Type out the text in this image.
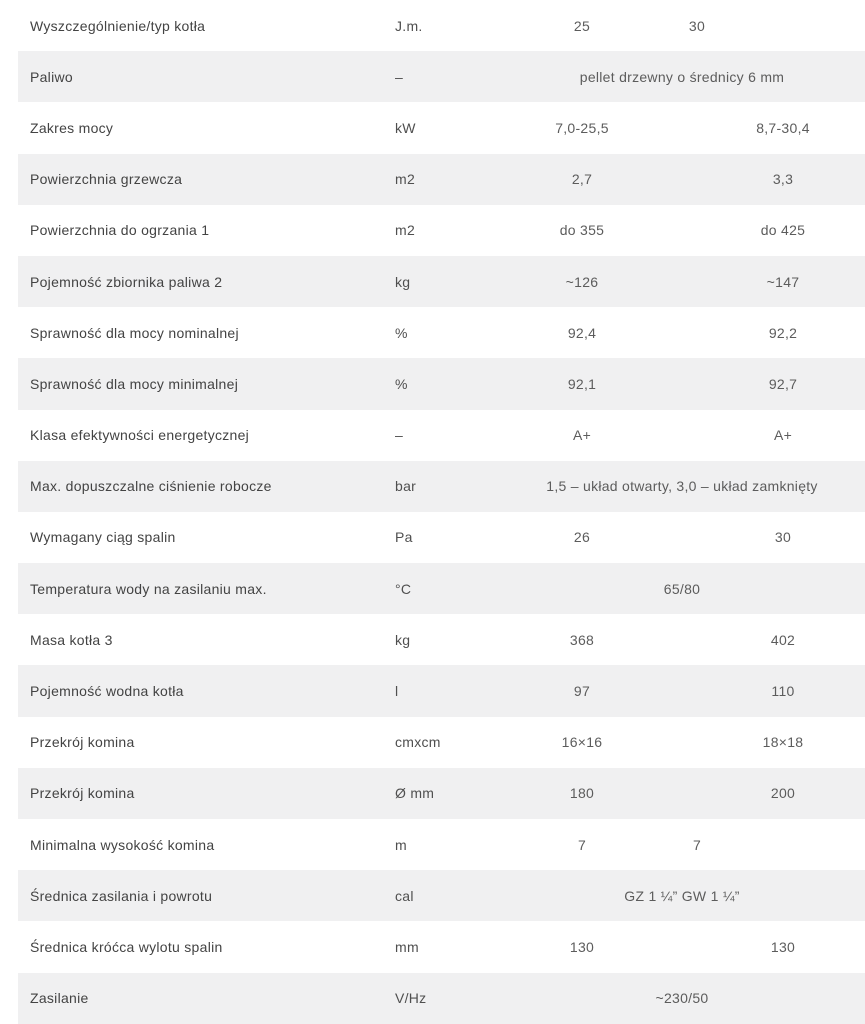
Wyszczególnienie/typ kotła	J.m.	25	30
Paliwo	–	pellet drzewny o średnicy 6 mm
Zakres mocy	kW	7,0-25,5	8,7-30,4
Powierzchnia grzewcza	m2	2,7	3,3
Powierzchnia do ogrzania 1	m2	do 355	do 425
Pojemność zbiornika paliwa 2	kg	~126	~147
Sprawność dla mocy nominalnej	%	92,4	92,2
Sprawność dla mocy minimalnej	%	92,1	92,7
Klasa efektywności energetycznej	–	A+	A+
Max. dopuszczalne ciśnienie robocze	bar	1,5 – układ otwarty, 3,0 – układ zamknięty
Wymagany ciąg spalin	Pa	26	30
Temperatura wody na zasilaniu max.	°C	65/80
Masa kotła 3	kg	368	402
Pojemność wodna kotła	l	97	110
Przekrój komina	cmxcm	16×16	18×18
Przekrój komina	Ø mm	180	200
Minimalna wysokość komina	m	7	7
Średnica zasilania i powrotu	cal	GZ 1 ¼” GW 1 ¼”
Średnica króćca wylotu spalin	mm	130	130
Zasilanie	V/Hz	~230/50
